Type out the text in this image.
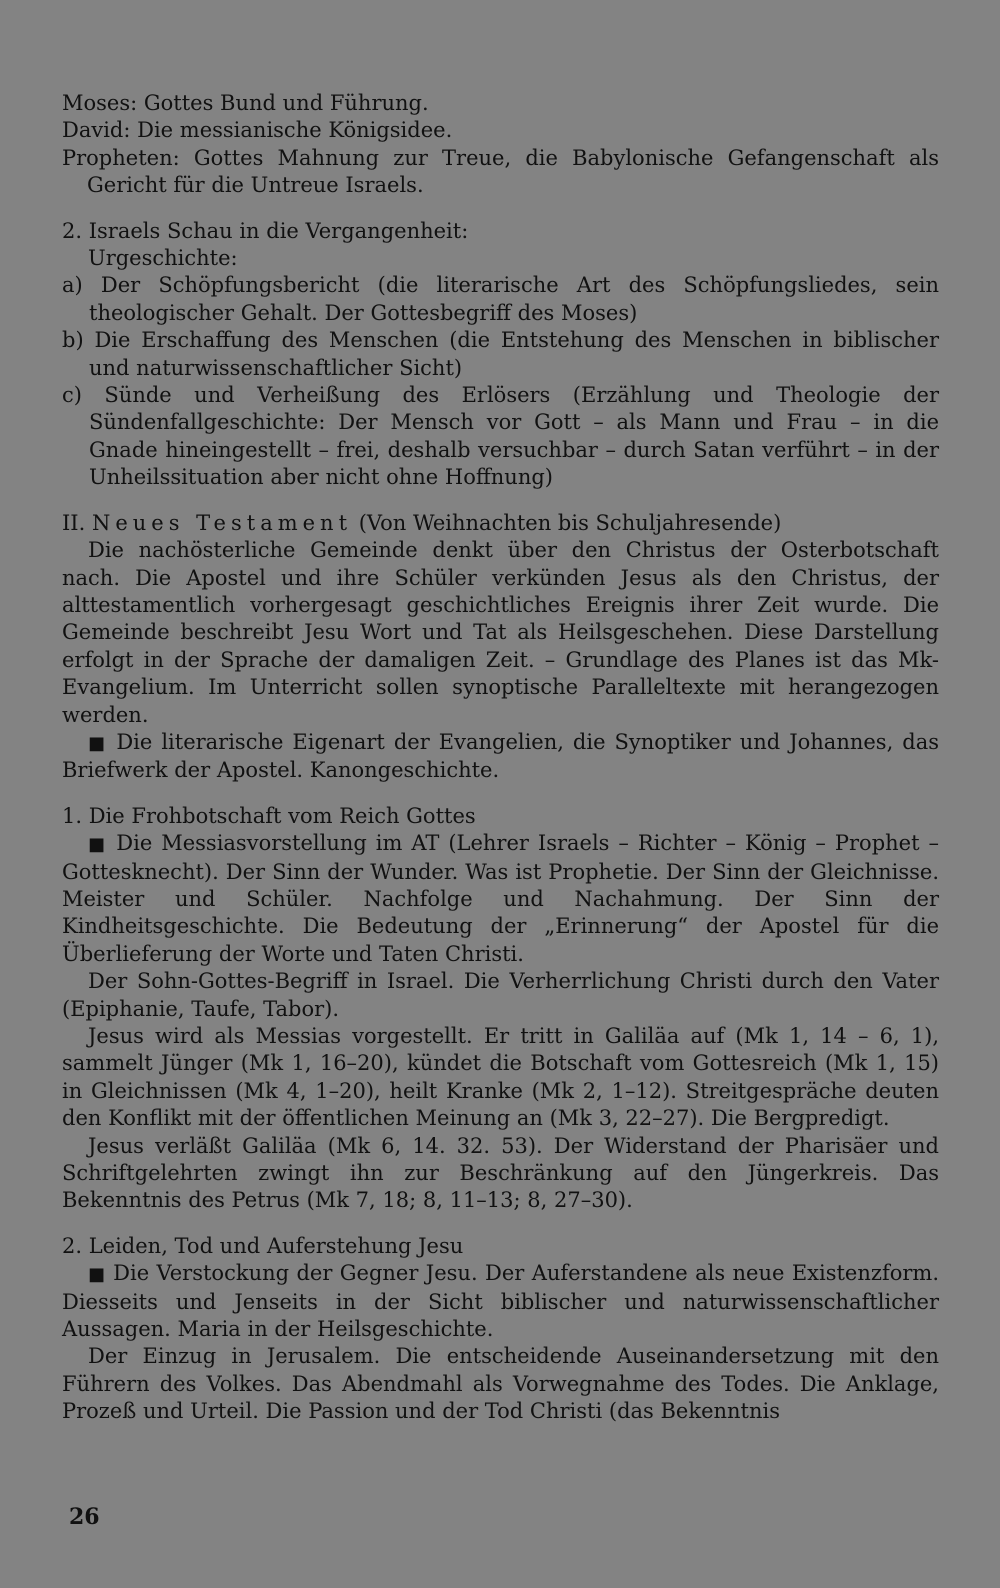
Moses: Gottes Bund und Führung.

David: Die messianische Königsidee.

Propheten: Gottes Mahnung zur Treue, die Babylonische Gefangenschaft als Gericht für die Untreue Israels.

2. Israels Schau in die Vergangenheit:

Urgeschichte:

a) Der Schöpfungsbericht (die literarische Art des Schöpfungsliedes, sein theologischer Gehalt. Der Gottesbegriff des Moses)

b) Die Erschaffung des Menschen (die Entstehung des Menschen in biblischer und naturwissenschaftlicher Sicht)

c) Sünde und Verheißung des Erlösers (Erzählung und Theologie der Sündenfallgeschichte: Der Mensch vor Gott – als Mann und Frau – in die Gnade hineingestellt – frei, deshalb versuchbar – durch Satan verführt – in der Unheilssituation aber nicht ohne Hoffnung)

II. Neues Testament (Von Weihnachten bis Schuljahresende)

Die nachösterliche Gemeinde denkt über den Christus der Osterbotschaft nach. Die Apostel und ihre Schüler verkünden Jesus als den Christus, der alttestamentlich vorhergesagt geschichtliches Ereignis ihrer Zeit wurde. Die Gemeinde beschreibt Jesu Wort und Tat als Heilsgeschehen. Diese Darstellung erfolgt in der Sprache der damaligen Zeit. – Grundlage des Planes ist das Mk-Evangelium. Im Unterricht sollen synoptische Paralleltexte mit herangezogen werden.

■ Die literarische Eigenart der Evangelien, die Synoptiker und Johannes, das Briefwerk der Apostel. Kanongeschichte.

1. Die Frohbotschaft vom Reich Gottes

■ Die Messiasvorstellung im AT (Lehrer Israels – Richter – König – Prophet – Gottesknecht). Der Sinn der Wunder. Was ist Prophetie. Der Sinn der Gleichnisse. Meister und Schüler. Nachfolge und Nachahmung. Der Sinn der Kindheitsgeschichte. Die Bedeutung der „Erinnerung“ der Apostel für die Überlieferung der Worte und Taten Christi.

Der Sohn-Gottes-Begriff in Israel. Die Verherrlichung Christi durch den Vater (Epiphanie, Taufe, Tabor).

Jesus wird als Messias vorgestellt. Er tritt in Galiläa auf (Mk 1, 14 – 6, 1), sammelt Jünger (Mk 1, 16–20), kündet die Botschaft vom Gottesreich (Mk 1, 15) in Gleichnissen (Mk 4, 1–20), heilt Kranke (Mk 2, 1–12). Streitgespräche deuten den Konflikt mit der öffentlichen Meinung an (Mk 3, 22–27). Die Bergpredigt.

Jesus verläßt Galiläa (Mk 6, 14. 32. 53). Der Widerstand der Pharisäer und Schriftgelehrten zwingt ihn zur Beschränkung auf den Jüngerkreis. Das Bekenntnis des Petrus (Mk 7, 18; 8, 11–13; 8, 27–30).

2. Leiden, Tod und Auferstehung Jesu

■ Die Verstockung der Gegner Jesu. Der Auferstandene als neue Existenzform. Diesseits und Jenseits in der Sicht biblischer und naturwissenschaftlicher Aussagen. Maria in der Heilsgeschichte.

Der Einzug in Jerusalem. Die entscheidende Auseinandersetzung mit den Führern des Volkes. Das Abendmahl als Vorwegnahme des Todes. Die Anklage, Prozeß und Urteil. Die Passion und der Tod Christi (das Bekenntnis

26
